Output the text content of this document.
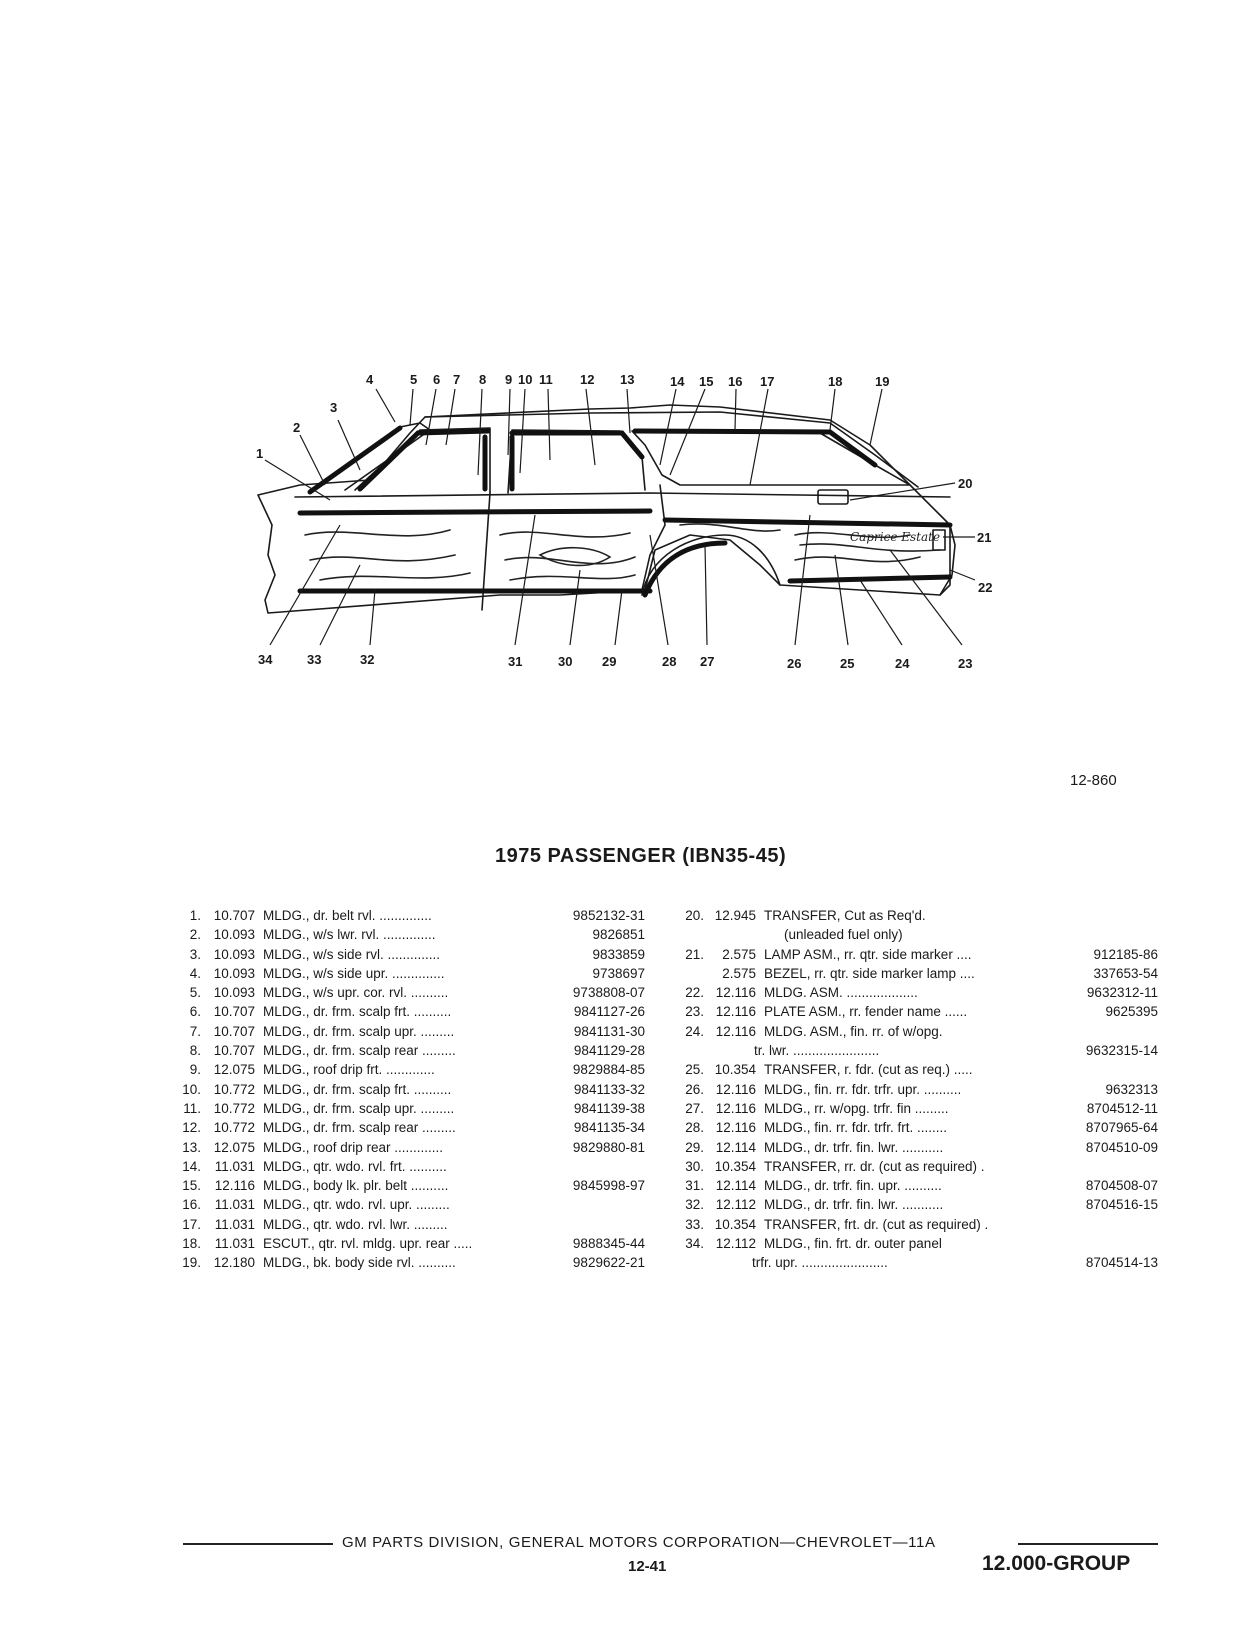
Caprice Estate
4	5 6 7 8 9 10 11 12 13	14 15 16 17	18	19
3
2
1
20
21
22
34	33	32	31	30 29	28 27	26	25	24	23
12-860
1975 PASSENGER (IBN35-45)
1. 10.707 MLDG., dr. belt rvl. ..............	9852132-31
2. 10.093 MLDG., w/s lwr. rvl. ..............	9826851
3. 10.093 MLDG., w/s side rvl. ..............	9833859
4. 10.093 MLDG., w/s side upr. ..............	9738697
5. 10.093 MLDG., w/s upr. cor. rvl. ..........	9738808-07
6. 10.707 MLDG., dr. frm. scalp frt. ..........	9841127-26
7. 10.707 MLDG., dr. frm. scalp upr. .........	9841131-30
8. 10.707 MLDG., dr. frm. scalp rear .........	9841129-28
9. 12.075 MLDG., roof drip frt. .............	9829884-85
10. 10.772 MLDG., dr. frm. scalp frt. ..........	9841133-32
11. 10.772 MLDG., dr. frm. scalp upr. .........	9841139-38
12. 10.772 MLDG., dr. frm. scalp rear .........	9841135-34
13. 12.075 MLDG., roof drip rear .............	9829880-81
14.	11.031 MLDG., qtr. wdo. rvl. frt. ..........
15.	12.116 MLDG., body lk. plr. belt ..........	9845998-97
16.	11.031 MLDG., qtr. wdo. rvl. upr. .........
17.	11.031 MLDG., qtr. wdo. rvl. lwr. .........
18.	11.031 ESCUT., qtr. rvl. mldg. upr. rear .....	9888345-44
19. 12.180 MLDG., bk. body side rvl. ..........	9829622-21
20. 12.945 TRANSFER, Cut as Req'd.
(unleaded fuel only)
21.	2.575 LAMP ASM., rr. qtr. side marker ....	912185-86
2.575 BEZEL, rr. qtr. side marker lamp ....	337653-54
22. 12.116 MLDG. ASM. ...................	9632312-11
23. 12.116 PLATE ASM., rr. fender name ......	9625395
24. 12.116 MLDG. ASM., fin. rr. of w/opg.
tr. lwr. .......................	9632315-14
25. 10.354 TRANSFER, r. fdr. (cut as req.) .....
26. 12.116 MLDG., fin. rr. fdr. trfr. upr. ..........	9632313
27. 12.116 MLDG., rr. w/opg. trfr. fin .........	8704512-11
28. 12.116 MLDG., fin. rr. fdr. trfr. frt. ........	8707965-64
29. 12.114 MLDG., dr. trfr. fin. lwr. ...........	8704510-09
30. 10.354 TRANSFER, rr. dr. (cut as required) .
31. 12.114 MLDG., dr. trfr. fin. upr. ..........	8704508-07
32. 12.112 MLDG., dr. trfr. fin. lwr. ...........	8704516-15
33. 10.354 TRANSFER, frt. dr. (cut as required) .
34. 12.112 MLDG., fin. frt. dr. outer panel
trfr. upr. .......................	8704514-13
GM PARTS DIVISION, GENERAL MOTORS CORPORATION—CHEVROLET—11A
12-41	12.000-GROUP
